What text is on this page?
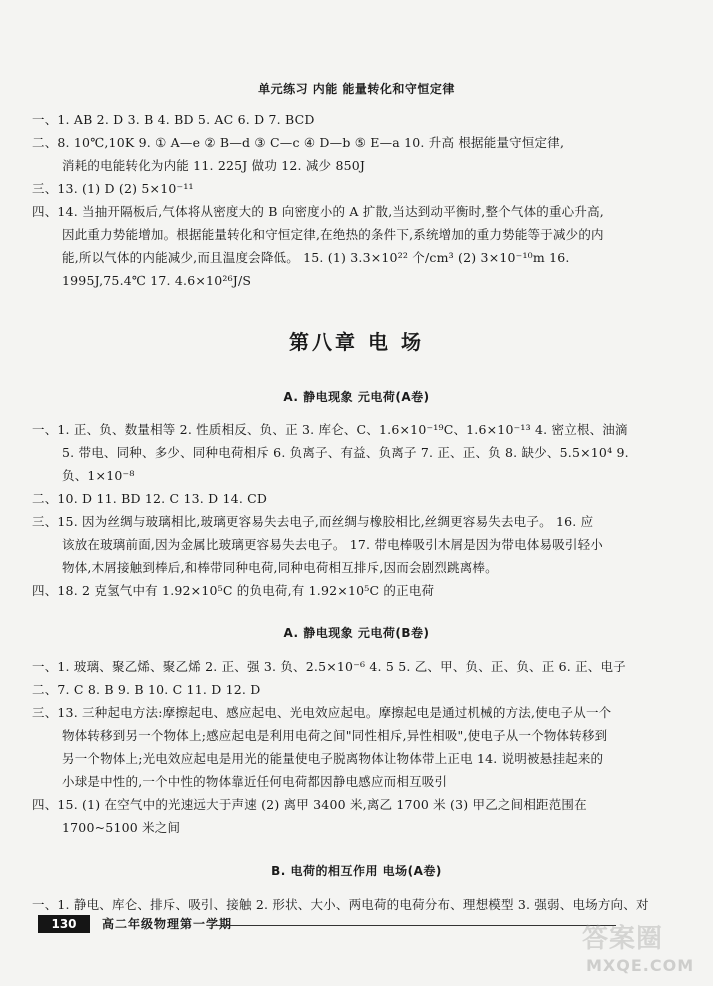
单元练习 内能 能量转化和守恒定律
一、1. AB 2. D 3. B 4. BD 5. AC 6. D 7. BCD
二、8. 10℃,10K 9. ① A—e ② B—d ③ C—c ④ D—b ⑤ E—a 10. 升高 根据能量守恒定律,
消耗的电能转化为内能 11. 225J 做功 12. 减少 850J
三、13. (1) D (2) 5×10⁻¹¹
四、14. 当抽开隔板后,气体将从密度大的 B 向密度小的 A 扩散,当达到动平衡时,整个气体的重心升高,
因此重力势能增加。根据能量转化和守恒定律,在绝热的条件下,系统增加的重力势能等于减少的内
能,所以气体的内能减少,而且温度会降低。 15. (1) 3.3×10²² 个/cm³ (2) 3×10⁻¹⁰m 16.
1995J,75.4℃ 17. 4.6×10²⁶J/S
第八章 电 场
A. 静电现象 元电荷(A卷)
一、1. 正、负、数量相等 2. 性质相反、负、正 3. 库仑、C、1.6×10⁻¹⁹C、1.6×10⁻¹³ 4. 密立根、油滴
5. 带电、同种、多少、同种电荷相斥 6. 负离子、有益、负离子 7. 正、正、负 8. 缺少、5.5×10⁴ 9.
负、1×10⁻⁸
二、10. D 11. BD 12. C 13. D 14. CD
三、15. 因为丝绸与玻璃相比,玻璃更容易失去电子,而丝绸与橡胶相比,丝绸更容易失去电子。 16. 应
该放在玻璃前面,因为金属比玻璃更容易失去电子。 17. 带电棒吸引木屑是因为带电体易吸引轻小
物体,木屑接触到棒后,和棒带同种电荷,同种电荷相互排斥,因而会剧烈跳离棒。
四、18. 2 克氢气中有 1.92×10⁵C 的负电荷,有 1.92×10⁵C 的正电荷
A. 静电现象 元电荷(B卷)
一、1. 玻璃、聚乙烯、聚乙烯 2. 正、强 3. 负、2.5×10⁻⁶ 4. 5 5. 乙、甲、负、正、负、正 6. 正、电子
二、7. C 8. B 9. B 10. C 11. D 12. D
三、13. 三种起电方法:摩擦起电、感应起电、光电效应起电。摩擦起电是通过机械的方法,使电子从一个
物体转移到另一个物体上;感应起电是利用电荷之间"同性相斥,异性相吸",使电子从一个物体转移到
另一个物体上;光电效应起电是用光的能量使电子脱离物体让物体带上正电 14. 说明被悬挂起来的
小球是中性的,一个中性的物体靠近任何电荷都因静电感应而相互吸引
四、15. (1) 在空气中的光速远大于声速 (2) 离甲 3400 米,离乙 1700 米 (3) 甲乙之间相距范围在
1700~5100 米之间
B. 电荷的相互作用 电场(A卷)
一、1. 静电、库仑、排斥、吸引、接触 2. 形状、大小、两电荷的电荷分布、理想模型 3. 强弱、电场方向、对
130	高二年级物理第一学期	答案圈
MXQE.COM
